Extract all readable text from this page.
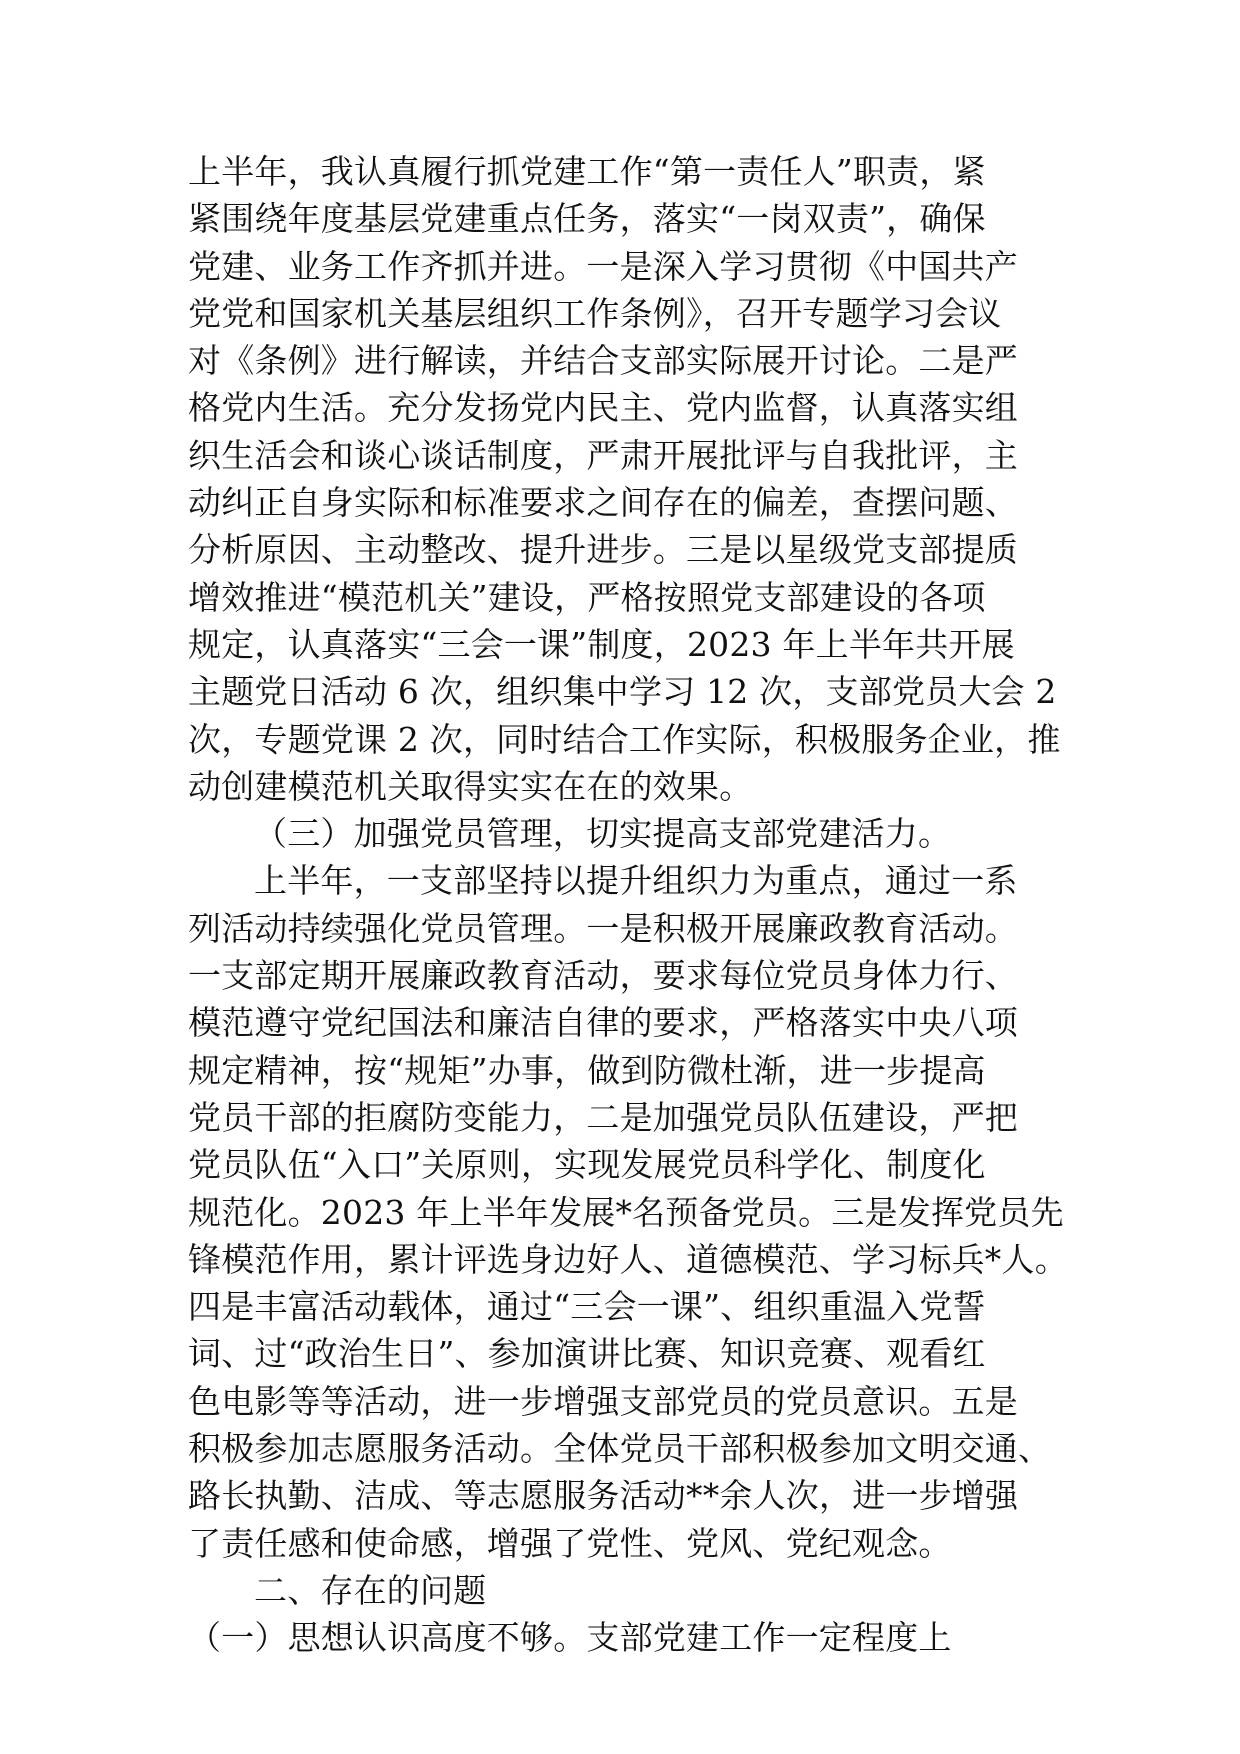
上半年，我认真履行抓党建工作“第一责任人”职责，紧
紧围绕年度基层党建重点任务，落实“一岗双责”，确保
党建、业务工作齐抓并进。一是深入学习贯彻《中国共产
党党和国家机关基层组织工作条例》，召开专题学习会议
对《条例》进行解读，并结合支部实际展开讨论。二是严
格党内生活。充分发扬党内民主、党内监督，认真落实组
织生活会和谈心谈话制度，严肃开展批评与自我批评，主
动纠正自身实际和标准要求之间存在的偏差，查摆问题、
分析原因、主动整改、提升进步。三是以星级党支部提质
增效推进“模范机关”建设，严格按照党支部建设的各项
规定，认真落实“三会一课”制度，2023 年上半年共开展
主题党日活动 6 次，组织集中学习 12 次，支部党员大会 2
次，专题党课 2 次，同时结合工作实际，积极服务企业，推
动创建模范机关取得实实在在的效果。
（三）加强党员管理，切实提高支部党建活力。
上半年，一支部坚持以提升组织力为重点，通过一系
列活动持续强化党员管理。一是积极开展廉政教育活动。
一支部定期开展廉政教育活动，要求每位党员身体力行、
模范遵守党纪国法和廉洁自律的要求，严格落实中央八项
规定精神，按“规矩”办事，做到防微杜渐，进一步提高
党员干部的拒腐防变能力，二是加强党员队伍建设，严把
党员队伍“入口”关原则，实现发展党员科学化、制度化
规范化。2023 年上半年发展*名预备党员。三是发挥党员先
锋模范作用，累计评选身边好人、道德模范、学习标兵*人。
四是丰富活动载体，通过“三会一课”、组织重温入党誓
词、过“政治生日”、参加演讲比赛、知识竞赛、观看红
色电影等等活动，进一步增强支部党员的党员意识。五是
积极参加志愿服务活动。全体党员干部积极参加文明交通、
路长执勤、洁成、等志愿服务活动**余人次，进一步增强
了责任感和使命感，增强了党性、党风、党纪观念。
二、存在的问题
（一）思想认识高度不够。支部党建工作一定程度上
